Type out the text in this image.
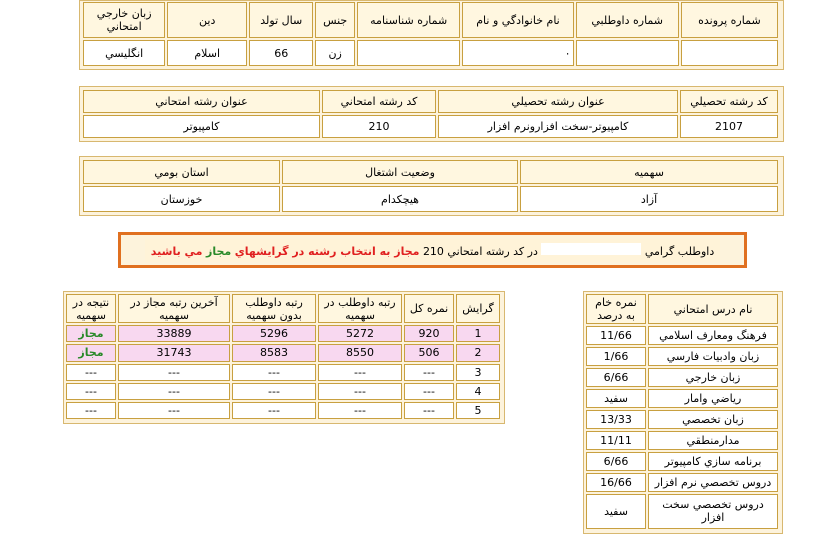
شماره پرونده	شماره داوطلبي	نام خانوادگي و نام	شماره شناسنامه	جنس	سال تولد	دين	زبان خارجي امتحاني
		٠		زن	66	اسلام	انگليسي
كد رشته تحصيلي	عنوان رشته تحصيلي	كد رشته امتحاني	عنوان رشته امتحاني
2107	كامپيوتر-سخت افزارونرم افزار	210	كامپيوتر
سهميه	وضعيت اشتغال	استان بومي
آزاد	هيچكدام	خوزستان
داوطلب گرامي  در كد رشته امتحاني 210 مجاز به انتخاب رشته در گرايشهاي مجاز مي باشيد
گرايش	نمره كل	رتبه داوطلب در سهميه	رتبه داوطلب بدون سهميه	آخرين رتبه مجاز در سهميه	نتيجه در سهميه
1	920	5272	5296	33889	مجاز
2	506	8550	8583	31743	مجاز
3	---	---	---	---	---
4	---	---	---	---	---
5	---	---	---	---	---
نام درس امتحاني	نمره خام به درصد
فرهنگ ومعارف اسلامي	11/66
زبان وادبيات فارسي	1/66
زبان خارجي	6/66
رياضي وامار	سفيد
زبان تخصصي	13/33
مدارمنطقي	11/11
برنامه سازي كامپيوتر	6/66
دروس تخصصي نرم افزار	16/66
دروس تخصصي سخت افزار	سفيد
